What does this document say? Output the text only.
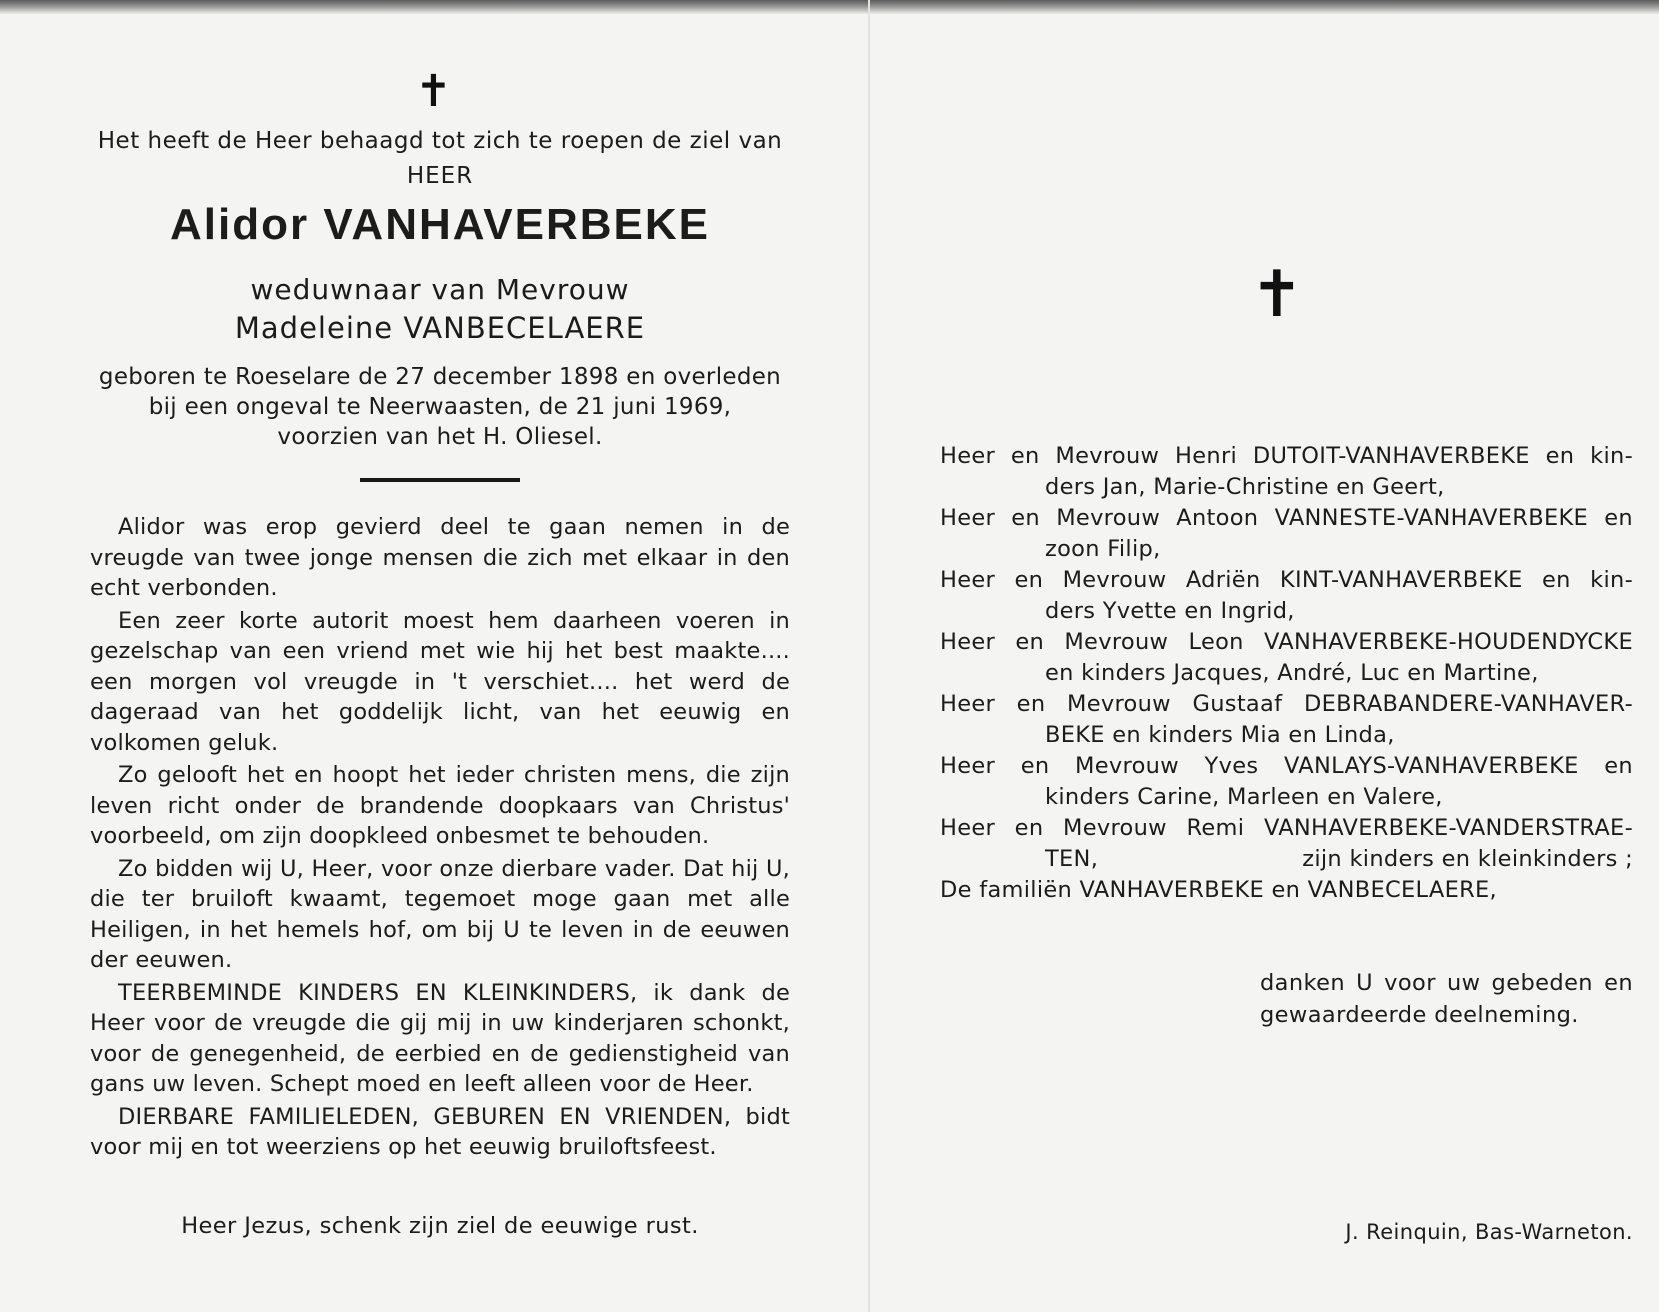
✝
Het heeft de Heer behaagd tot zich te roepen de ziel van
HEER
Alidor VANHAVERBEKE
weduwnaar van Mevrouw
Madeleine VANBECELAERE
geboren te Roeselare de 27 december 1898 en overleden
bij een ongeval te Neerwaasten, de 21 juni 1969,
voorzien van het H. Oliesel.

Alidor was erop gevierd deel te gaan nemen in de vreugde van twee jonge mensen die zich met elkaar in den echt verbonden.

Een zeer korte autorit moest hem daarheen voeren in gezelschap van een vriend met wie hij het best maakte.... een morgen vol vreugde in 't verschiet.... het werd de dageraad van het goddelijk licht, van het eeuwig en volkomen geluk.

Zo gelooft het en hoopt het ieder christen mens, die zijn leven richt onder de brandende doopkaars van Christus' voorbeeld, om zijn doopkleed onbesmet te behouden.

Zo bidden wij U, Heer, voor onze dierbare vader. Dat hij U, die ter bruiloft kwaamt, tegemoet moge gaan met alle Heiligen, in het hemels hof, om bij U te leven in de eeuwen der eeuwen.

TEERBEMINDE KINDERS EN KLEINKINDERS, ik dank de Heer voor de vreugde die gij mij in uw kinderjaren schonkt, voor de genegenheid, de eerbied en de gedienstigheid van gans uw leven. Schept moed en leeft alleen voor de Heer.

DIERBARE FAMILIELEDEN, GEBUREN EN VRIENDEN, bidt voor mij en tot weerziens op het eeuwig bruiloftsfeest.

Heer Jezus, schenk zijn ziel de eeuwige rust.
✝
Heer en Mevrouw Henri DUTOIT-VANHAVERBEKE en kin-
ders Jan, Marie-Christine en Geert,
Heer en Mevrouw Antoon VANNESTE-VANHAVERBEKE en
zoon Filip,
Heer en Mevrouw Adriën KINT-VANHAVERBEKE en kin-
ders Yvette en Ingrid,
Heer en Mevrouw Leon VANHAVERBEKE-HOUDENDYCKE
en kinders Jacques, André, Luc en Martine,
Heer en Mevrouw Gustaaf DEBRABANDERE-VANHAVER-
BEKE en kinders Mia en Linda,
Heer en Mevrouw Yves VANLAYS-VANHAVERBEKE en
kinders Carine, Marleen en Valere,
Heer en Mevrouw Remi VANHAVERBEKE-VANDERSTRAE-
TEN,	zijn kinders en kleinkinders ;
De familiën VANHAVERBEKE en VANBECELAERE,
danken U voor uw gebeden en
gewaardeerde deelneming.
J. Reinquin, Bas-Warneton.
